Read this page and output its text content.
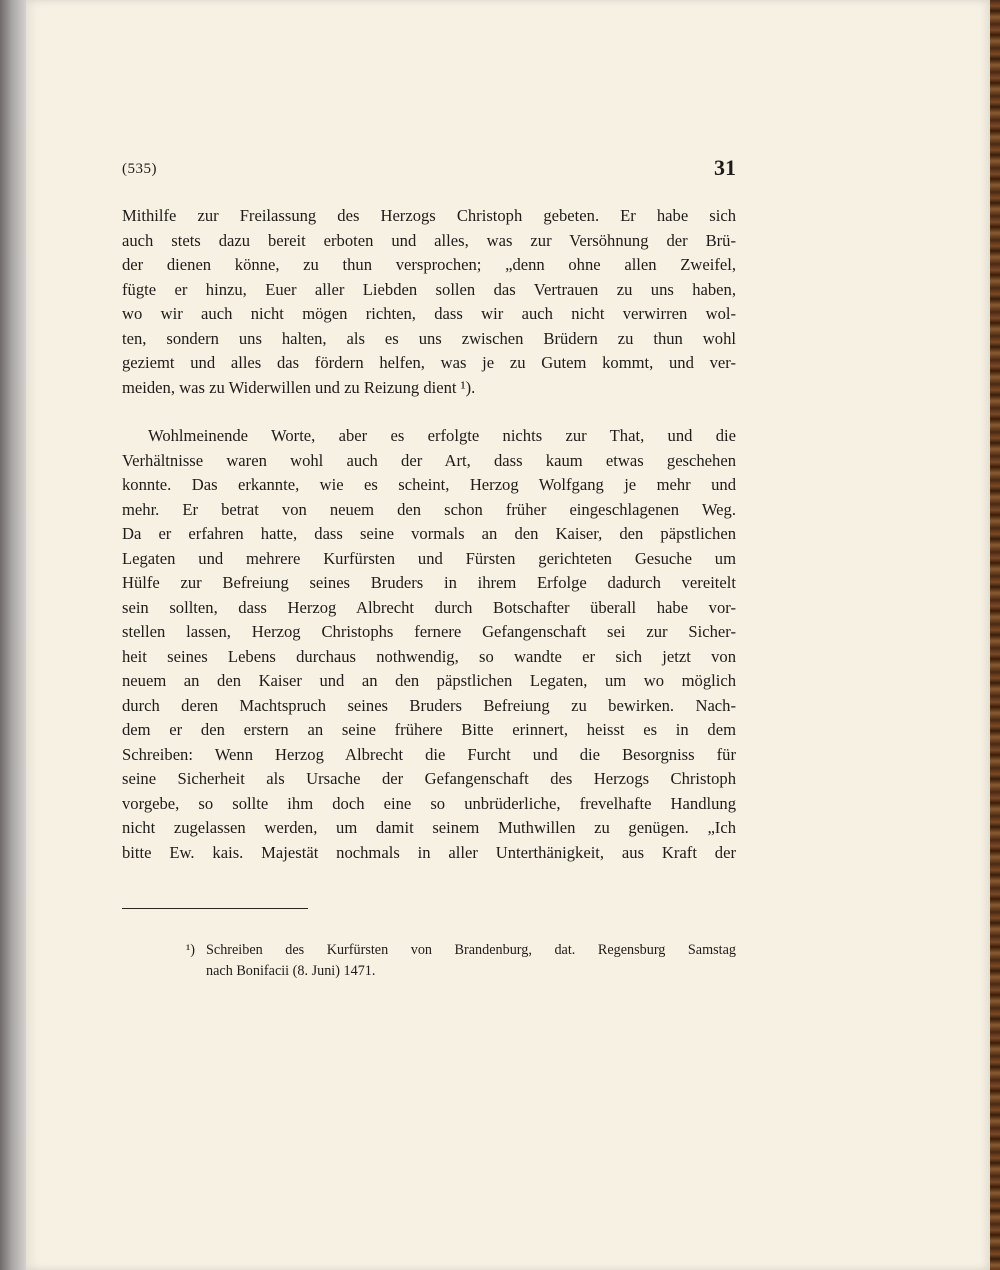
(535)	31
Mithilfe zur Freilassung des Herzogs Christoph gebeten. Er habe sich
auch stets dazu bereit erboten und alles, was zur Versöhnung der Brü-
der dienen könne, zu thun versprochen; „denn ohne allen Zweifel,
fügte er hinzu, Euer aller Liebden sollen das Vertrauen zu uns haben,
wo wir auch nicht mögen richten, dass wir auch nicht verwirren wol-
ten, sondern uns halten, als es uns zwischen Brüdern zu thun wohl
geziemt und alles das fördern helfen, was je zu Gutem kommt, und ver-
meiden, was zu Widerwillen und zu Reizung dient ¹).
Wohlmeinende Worte, aber es erfolgte nichts zur That, und die
Verhältnisse waren wohl auch der Art, dass kaum etwas geschehen
konnte. Das erkannte, wie es scheint, Herzog Wolfgang je mehr und
mehr. Er betrat von neuem den schon früher eingeschlagenen Weg.
Da er erfahren hatte, dass seine vormals an den Kaiser, den päpstlichen
Legaten und mehrere Kurfürsten und Fürsten gerichteten Gesuche um
Hülfe zur Befreiung seines Bruders in ihrem Erfolge dadurch vereitelt
sein sollten, dass Herzog Albrecht durch Botschafter überall habe vor-
stellen lassen, Herzog Christophs fernere Gefangenschaft sei zur Sicher-
heit seines Lebens durchaus nothwendig, so wandte er sich jetzt von
neuem an den Kaiser und an den päpstlichen Legaten, um wo möglich
durch deren Machtspruch seines Bruders Befreiung zu bewirken. Nach-
dem er den erstern an seine frühere Bitte erinnert, heisst es in dem
Schreiben: Wenn Herzog Albrecht die Furcht und die Besorgniss für
seine Sicherheit als Ursache der Gefangenschaft des Herzogs Christoph
vorgebe, so sollte ihm doch eine so unbrüderliche, frevelhafte Handlung
nicht zugelassen werden, um damit seinem Muthwillen zu genügen. „Ich
bitte Ew. kais. Majestät nochmals in aller Unterthänigkeit, aus Kraft der
¹) Schreiben des Kurfürsten von Brandenburg, dat. Regensburg Samstag
nach Bonifacii (8. Juni) 1471.
